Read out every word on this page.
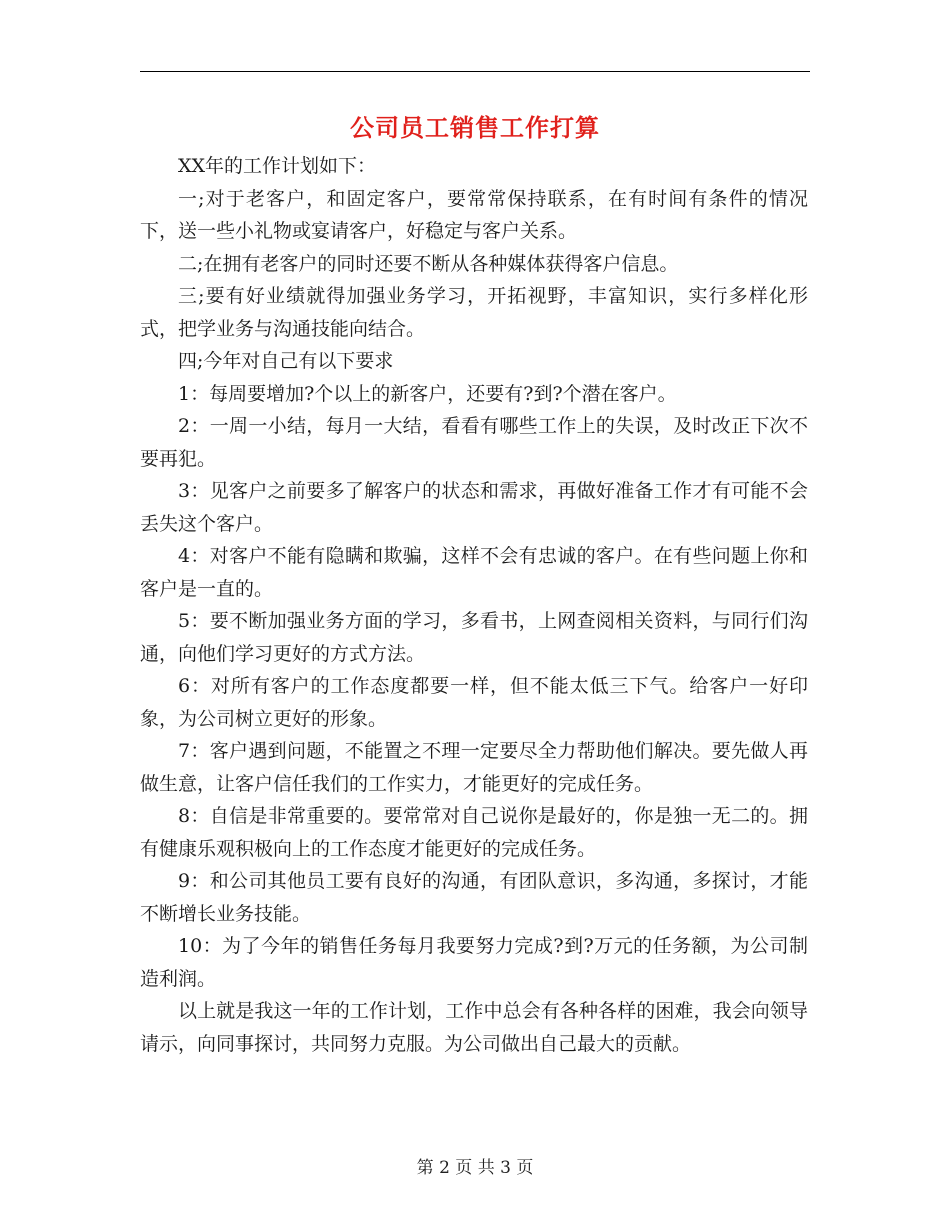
公司员工销售工作打算

XX年的工作计划如下：

一;对于老客户，和固定客户，要常常保持联系，在有时间有条件的情况下，送一些小礼物或宴请客户，好稳定与客户关系。

二;在拥有老客户的同时还要不断从各种媒体获得客户信息。

三;要有好业绩就得加强业务学习，开拓视野，丰富知识，实行多样化形式，把学业务与沟通技能向结合。

四;今年对自己有以下要求

1：每周要增加?个以上的新客户，还要有?到?个潜在客户。

2：一周一小结，每月一大结，看看有哪些工作上的失误，及时改正下次不要再犯。

3：见客户之前要多了解客户的状态和需求，再做好准备工作才有可能不会丢失这个客户。

4：对客户不能有隐瞒和欺骗，这样不会有忠诚的客户。在有些问题上你和客户是一直的。

5：要不断加强业务方面的学习，多看书，上网查阅相关资料，与同行们沟通，向他们学习更好的方式方法。

6：对所有客户的工作态度都要一样，但不能太低三下气。给客户一好印象，为公司树立更好的形象。

7：客户遇到问题，不能置之不理一定要尽全力帮助他们解决。要先做人再做生意，让客户信任我们的工作实力，才能更好的完成任务。

8：自信是非常重要的。要常常对自己说你是最好的，你是独一无二的。拥有健康乐观积极向上的工作态度才能更好的完成任务。

9：和公司其他员工要有良好的沟通，有团队意识，多沟通，多探讨，才能不断增长业务技能。

10：为了今年的销售任务每月我要努力完成?到?万元的任务额，为公司制造利润。

以上就是我这一年的工作计划，工作中总会有各种各样的困难，我会向领导请示，向同事探讨，共同努力克服。为公司做出自己最大的贡献。

第 2 页 共 3 页
